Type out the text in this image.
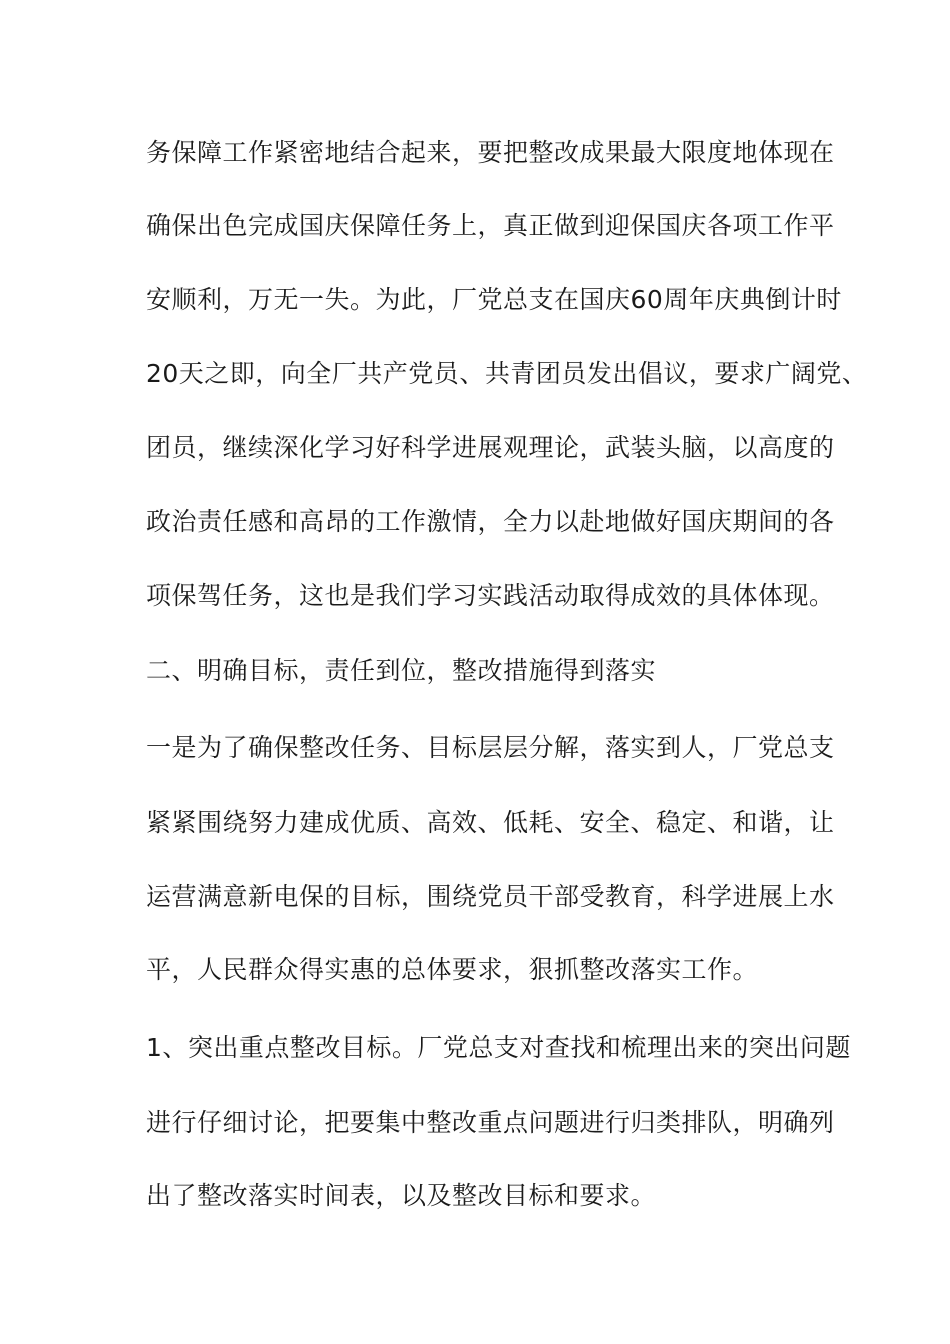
务保障工作紧密地结合起来，要把整改成果最大限度地体现在
确保出色完成国庆保障任务上，真正做到迎保国庆各项工作平
安顺利，万无一失。为此，厂党总支在国庆60周年庆典倒计时
20天之即，向全厂共产党员、共青团员发出倡议，要求广阔党、
团员，继续深化学习好科学进展观理论，武装头脑，以高度的
政治责任感和高昂的工作激情，全力以赴地做好国庆期间的各
项保驾任务，这也是我们学习实践活动取得成效的具体体现。
二、明确目标，责任到位，整改措施得到落实
一是为了确保整改任务、目标层层分解，落实到人，厂党总支
紧紧围绕努力建成优质、高效、低耗、安全、稳定、和谐，让
运营满意新电保的目标，围绕党员干部受教育，科学进展上水
平，人民群众得实惠的总体要求，狠抓整改落实工作。
1、突出重点整改目标。厂党总支对查找和梳理出来的突出问题
进行仔细讨论，把要集中整改重点问题进行归类排队，明确列
出了整改落实时间表，以及整改目标和要求。
